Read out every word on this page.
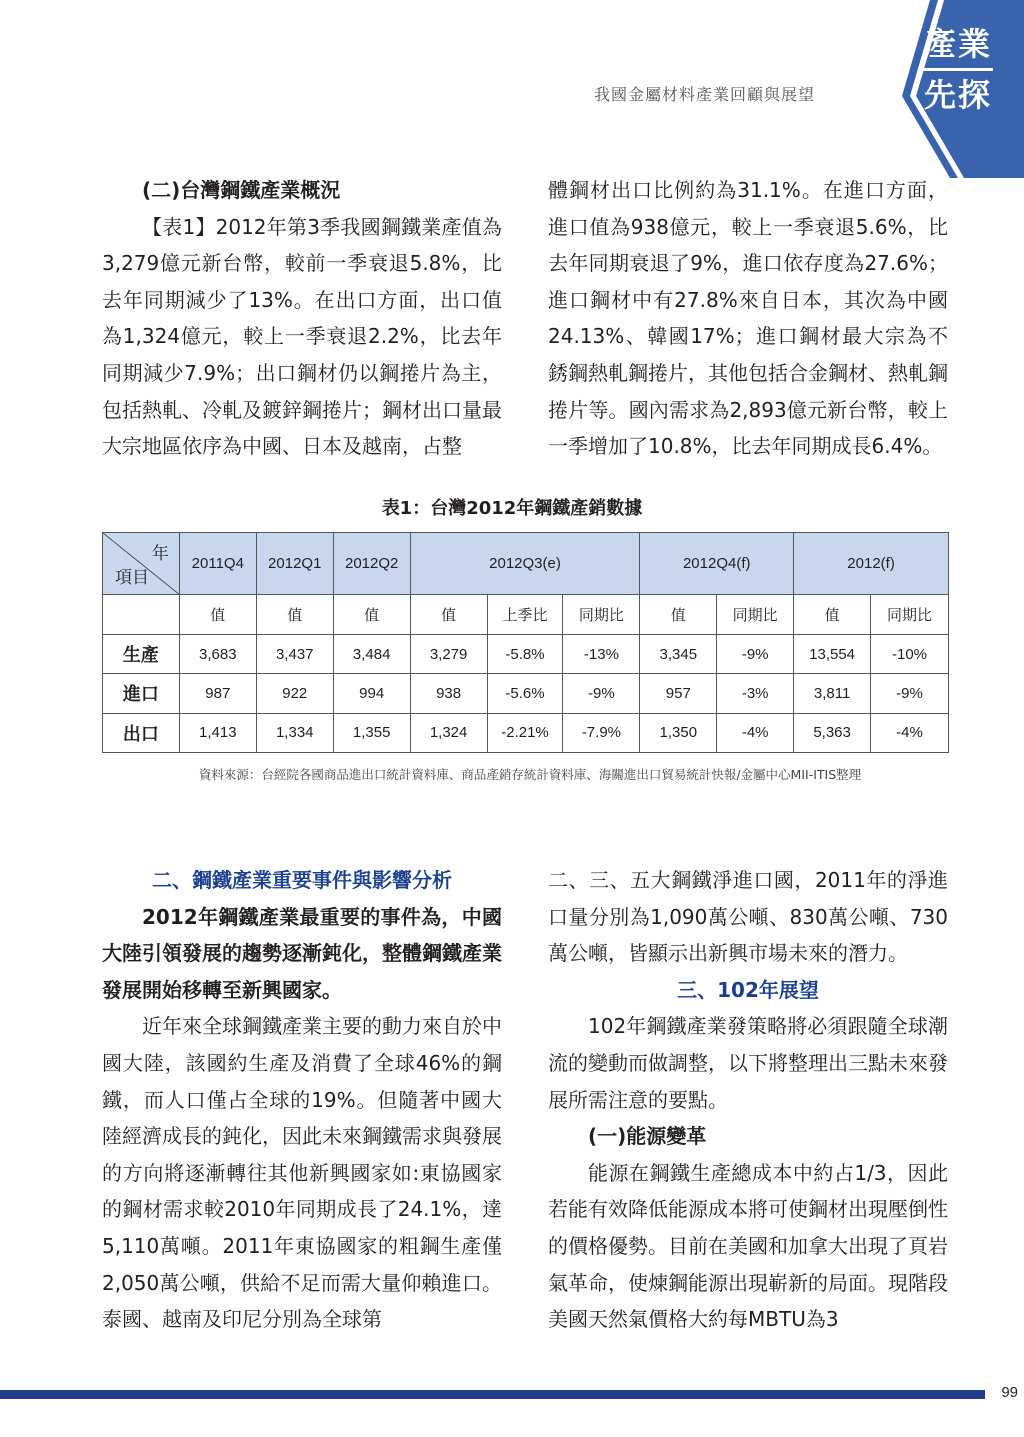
產業
先探
我國金屬材料產業回顧與展望

(二)台灣鋼鐵產業概況

【表1】2012年第3季我國鋼鐵業產值為3,279億元新台幣，較前一季衰退5.8%，比去年同期減少了13%。在出口方面，出口值為1,324億元，較上一季衰退2.2%，比去年同期減少7.9%；出口鋼材仍以鋼捲片為主，包括熱軋、冷軋及鍍鋅鋼捲片；鋼材出口量最大宗地區依序為中國、日本及越南，占整

體鋼材出口比例約為31.1%。在進口方面，進口值為938億元，較上一季衰退5.6%，比去年同期衰退了9%，進口依存度為27.6%；進口鋼材中有27.8%來自日本，其次為中國24.13%、韓國17%；進口鋼材最大宗為不銹鋼熱軋鋼捲片，其他包括合金鋼材、熱軋鋼捲片等。國內需求為2,893億元新台幣，較上一季增加了10.8%，比去年同期成長6.4%。

表1：台灣2012年鋼鐵產銷數據
年
項目	2011Q4	2012Q1	2012Q2	2012Q3(e)			2012Q4(f)		2012(f)	
	值	值	值	值	上季比	同期比	值	同期比	值	同期比
生產	3,683	3,437	3,484	3,279	-5.8%	-13%	3,345	-9%	13,554	-10%
進口	987	922	994	938	-5.6%	-9%	957	-3%	3,811	-9%
出口	1,413	1,334	1,355	1,324	-2.21%	-7.9%	1,350	-4%	5,363	-4%
資料來源：台經院各國商品進出口統計資料庫、商品產銷存統計資料庫、海關進出口貿易統計快報/金屬中心MII-ITIS整理

二、鋼鐵產業重要事件與影響分析

2012年鋼鐵產業最重要的事件為，中國大陸引領發展的趨勢逐漸鈍化，整體鋼鐵產業發展開始移轉至新興國家。

近年來全球鋼鐵產業主要的動力來自於中國大陸，該國約生產及消費了全球46%的鋼鐵，而人口僅占全球的19%。但隨著中國大陸經濟成長的鈍化，因此未來鋼鐵需求與發展的方向將逐漸轉往其他新興國家如:東協國家的鋼材需求較2010年同期成長了24.1%，達5,110萬噸。2011年東協國家的粗鋼生產僅2,050萬公噸，供給不足而需大量仰賴進口。泰國、越南及印尼分別為全球第

二、三、五大鋼鐵淨進口國，2011年的淨進口量分別為1,090萬公噸、830萬公噸、730萬公噸，皆顯示出新興市場未來的潛力。

三、102年展望

102年鋼鐵產業發策略將必須跟隨全球潮流的變動而做調整，以下將整理出三點未來發展所需注意的要點。

(一)能源變革

能源在鋼鐵生產總成本中約占1/3，因此若能有效降低能源成本將可使鋼材出現壓倒性的價格優勢。目前在美國和加拿大出現了頁岩氣革命，使煉鋼能源出現嶄新的局面。現階段美國天然氣價格大約每MBTU為3

99
